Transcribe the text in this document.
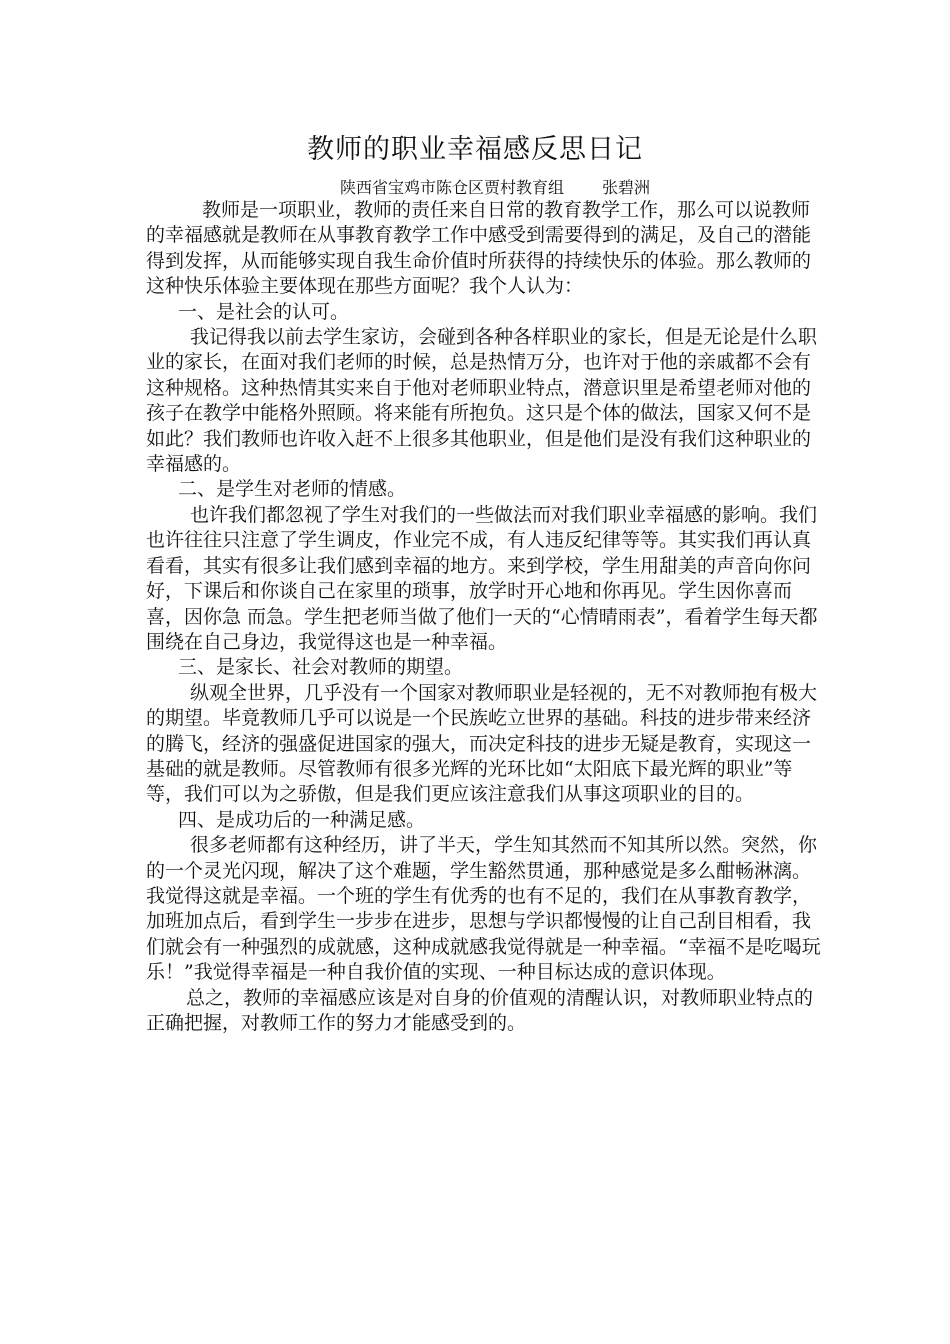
教师的职业幸福感反思日记
陕西省宝鸡市陈仓区贾村教育组 张碧洲

教师是一项职业，教师的责任来自日常的教育教学工作，那么可以说教师的幸福感就是教师在从事教育教学工作中感受到需要得到的满足，及自己的潜能得到发挥，从而能够实现自我生命价值时所获得的持续快乐的体验。那么教师的这种快乐体验主要体现在那些方面呢？我个人认为：

一、是社会的认可。

我记得我以前去学生家访，会碰到各种各样职业的家长，但是无论是什么职业的家长，在面对我们老师的时候，总是热情万分，也许对于他的亲戚都不会有这种规格。这种热情其实来自于他对老师职业特点，潜意识里是希望老师对他的孩子在教学中能格外照顾。将来能有所抱负。这只是个体的做法，国家又何不是如此？我们教师也许收入赶不上很多其他职业，但是他们是没有我们这种职业的幸福感的。

二、是学生对老师的情感。

也许我们都忽视了学生对我们的一些做法而对我们职业幸福感的影响。我们也许往往只注意了学生调皮，作业完不成，有人违反纪律等等。其实我们再认真看看，其实有很多让我们感到幸福的地方。来到学校，学生用甜美的声音向你问好，下课后和你谈自己在家里的琐事，放学时开心地和你再见。学生因你喜而喜，因你急 而急。学生把老师当做了他们一天的“心情晴雨表”，看着学生每天都围绕在自己身边，我觉得这也是一种幸福。

三、是家长、社会对教师的期望。

纵观全世界，几乎没有一个国家对教师职业是轻视的，无不对教师抱有极大的期望。毕竟教师几乎可以说是一个民族屹立世界的基础。科技的进步带来经济的腾飞，经济的强盛促进国家的强大，而决定科技的进步无疑是教育，实现这一基础的就是教师。尽管教师有很多光辉的光环比如“太阳底下最光辉的职业”等等，我们可以为之骄傲，但是我们更应该注意我们从事这项职业的目的。

四、是成功后的一种满足感。

很多老师都有这种经历，讲了半天，学生知其然而不知其所以然。突然，你的一个灵光闪现，解决了这个难题，学生豁然贯通，那种感觉是多么酣畅淋漓。我觉得这就是幸福。一个班的学生有优秀的也有不足的，我们在从事教育教学，加班加点后，看到学生一步步在进步，思想与学识都慢慢的让自己刮目相看，我们就会有一种强烈的成就感，这种成就感我觉得就是一种幸福。“幸福不是吃喝玩乐！”我觉得幸福是一种自我价值的实现、一种目标达成的意识体现。

总之，教师的幸福感应该是对自身的价值观的清醒认识，对教师职业特点的正确把握，对教师工作的努力才能感受到的。
